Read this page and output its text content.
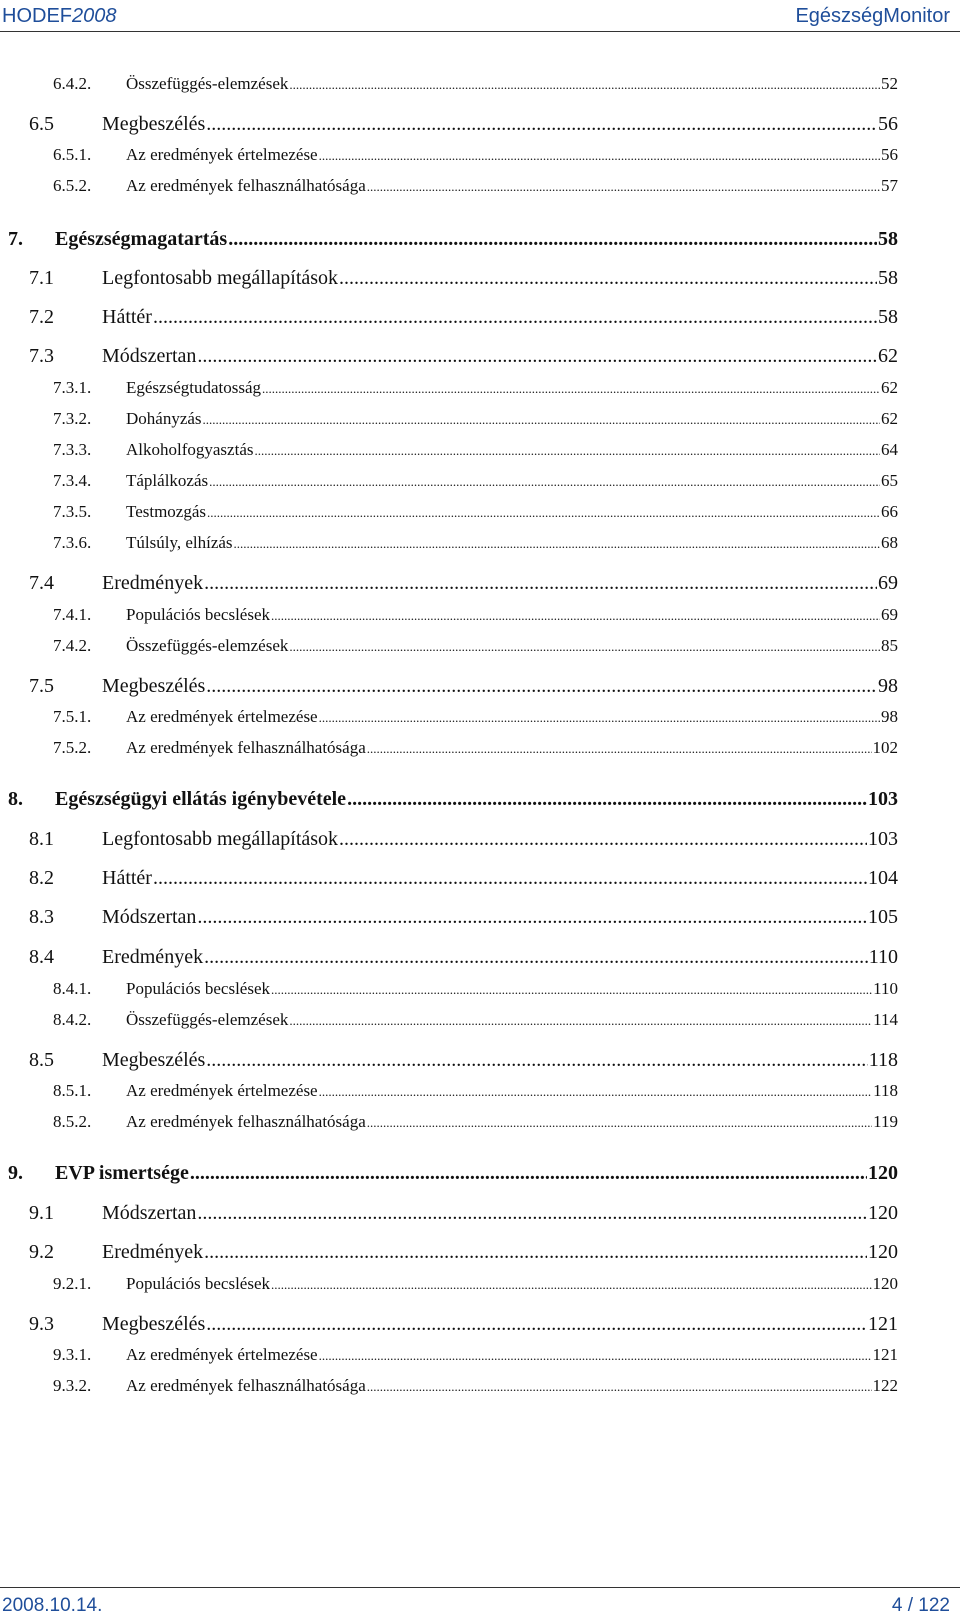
HODEF2008	EgészségMonitor
6.4.2.	Összefüggés-elemzések .....	52
6.5	Megbeszélés .....	56
6.5.1.	Az eredmények értelmezése .....	56
6.5.2.	Az eredmények felhasználhatósága .....	57
7.	Egészségmagatartás .....	58
7.1	Legfontosabb megállapítások .....	58
7.2	Háttér .....	58
7.3	Módszertan .....	62
7.3.1.	Egészségtudatosság .....	62
7.3.2.	Dohányzás .....	62
7.3.3.	Alkoholfogyasztás .....	64
7.3.4.	Táplálkozás .....	65
7.3.5.	Testmozgás .....	66
7.3.6.	Túlsúly, elhízás .....	68
7.4	Eredmények .....	69
7.4.1.	Populációs becslések .....	69
7.4.2.	Összefüggés-elemzések .....	85
7.5	Megbeszélés .....	98
7.5.1.	Az eredmények értelmezése .....	98
7.5.2.	Az eredmények felhasználhatósága .....	102
8.	Egészségügyi ellátás igénybevétele .....	103
8.1	Legfontosabb megállapítások .....	103
8.2	Háttér .....	104
8.3	Módszertan .....	105
8.4	Eredmények .....	110
8.4.1.	Populációs becslések .....	110
8.4.2.	Összefüggés-elemzések .....	114
8.5	Megbeszélés .....	118
8.5.1.	Az eredmények értelmezése .....	118
8.5.2.	Az eredmények felhasználhatósága .....	119
9.	EVP ismertsége .....	120
9.1	Módszertan .....	120
9.2	Eredmények .....	120
9.2.1.	Populációs becslések .....	120
9.3	Megbeszélés .....	121
9.3.1.	Az eredmények értelmezése .....	121
9.3.2.	Az eredmények felhasználhatósága .....	122
2008.10.14.	4 / 122
